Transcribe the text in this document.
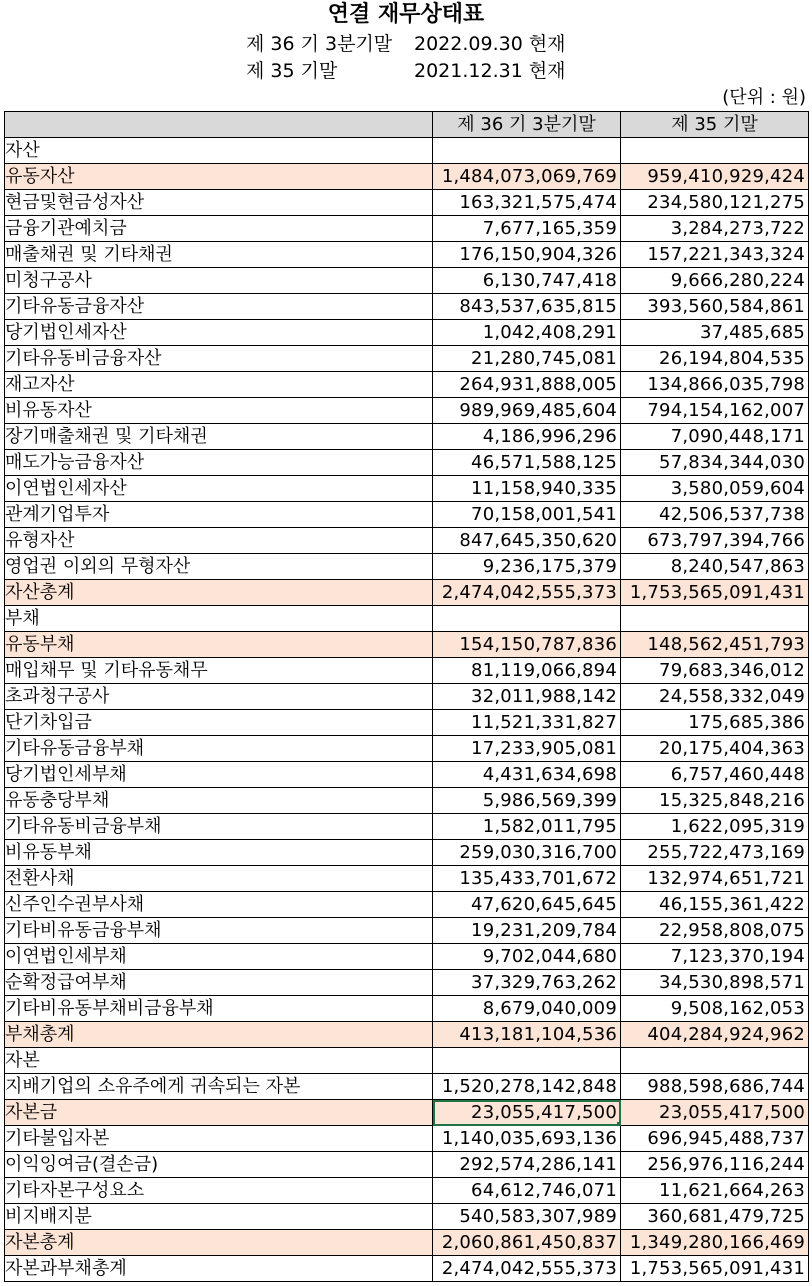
연결 재무상태표
제 36 기 3분기말 2022.09.30 현재
제 35 기말	2021.12.31 현재
(단위 : 원)
	제 36 기 3분기말	제 35 기말
자산		
유동자산	1,484,073,069,769	959,410,929,424
현금및현금성자산	163,321,575,474	234,580,121,275
금융기관예치금	7,677,165,359	3,284,273,722
매출채권 및 기타채권	176,150,904,326	157,221,343,324
미청구공사	6,130,747,418	9,666,280,224
기타유동금융자산	843,537,635,815	393,560,584,861
당기법인세자산	1,042,408,291	37,485,685
기타유동비금융자산	21,280,745,081	26,194,804,535
재고자산	264,931,888,005	134,866,035,798
비유동자산	989,969,485,604	794,154,162,007
장기매출채권 및 기타채권	4,186,996,296	7,090,448,171
매도가능금융자산	46,571,588,125	57,834,344,030
이연법인세자산	11,158,940,335	3,580,059,604
관계기업투자	70,158,001,541	42,506,537,738
유형자산	847,645,350,620	673,797,394,766
영업권 이외의 무형자산	9,236,175,379	8,240,547,863
자산총계	2,474,042,555,373	1,753,565,091,431
부채		
유동부채	154,150,787,836	148,562,451,793
매입채무 및 기타유동채무	81,119,066,894	79,683,346,012
초과청구공사	32,011,988,142	24,558,332,049
단기차입금	11,521,331,827	175,685,386
기타유동금융부채	17,233,905,081	20,175,404,363
당기법인세부채	4,431,634,698	6,757,460,448
유동충당부채	5,986,569,399	15,325,848,216
기타유동비금융부채	1,582,011,795	1,622,095,319
비유동부채	259,030,316,700	255,722,473,169
전환사채	135,433,701,672	132,974,651,721
신주인수권부사채	47,620,645,645	46,155,361,422
기타비유동금융부채	19,231,209,784	22,958,808,075
이연법인세부채	9,702,044,680	7,123,370,194
순확정급여부채	37,329,763,262	34,530,898,571
기타비유동부채비금융부채	8,679,040,009	9,508,162,053
부채총계	413,181,104,536	404,284,924,962
자본		
지배기업의 소유주에게 귀속되는 자본	1,520,278,142,848	988,598,686,744
자본금	23,055,417,500	23,055,417,500
기타불입자본	1,140,035,693,136	696,945,488,737
이익잉여금(결손금)	292,574,286,141	256,976,116,244
기타자본구성요소	64,612,746,071	11,621,664,263
비지배지분	540,583,307,989	360,681,479,725
자본총계	2,060,861,450,837	1,349,280,166,469
자본과부채총계	2,474,042,555,373	1,753,565,091,431
